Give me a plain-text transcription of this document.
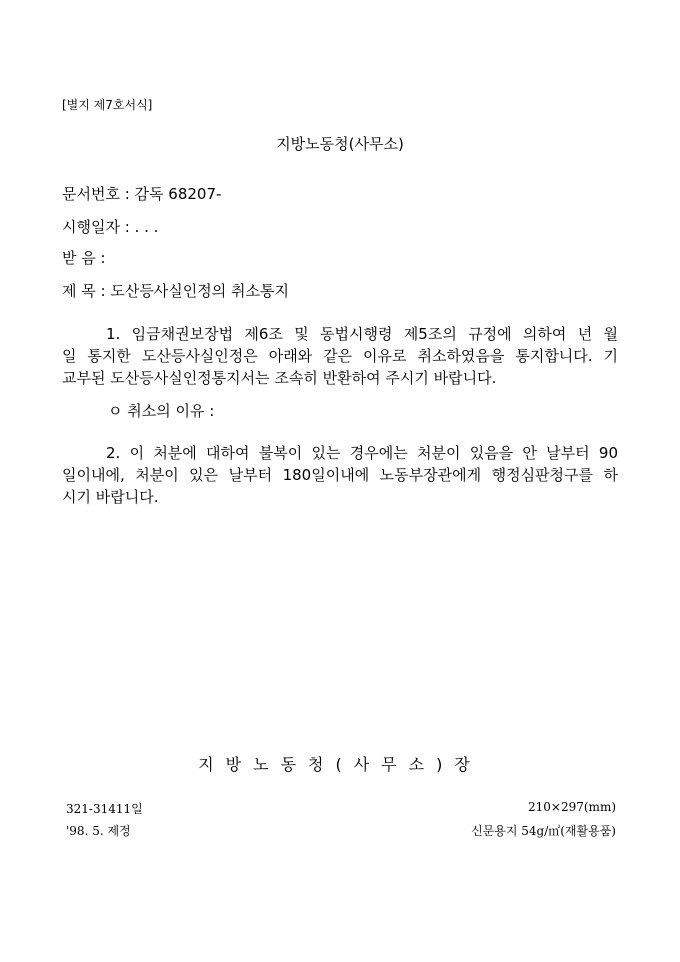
[별지 제7호서식]
지방노동청(사무소)
문서번호 : 감독 68207-
시행일자 : . . .
받 음 :
제 목 : 도산등사실인정의 취소통지
1. 임금채권보장법 제6조 및 동법시행령 제5조의 규정에 의하여 년 월
일 통지한 도산등사실인정은 아래와 같은 이유로 취소하였음을 통지합니다. 기
교부된 도산등사실인정통지서는 조속히 반환하여 주시기 바랍니다.
ㅇ 취소의 이유 :
2. 이 처분에 대하여 불복이 있는 경우에는 처분이 있음을 안 날부터 90
일이내에, 처분이 있은 날부터 180일이내에 노동부장관에게 행정심판청구를 하
시기 바랍니다.
지방노동청(사무소)장
321-31411일	210×297(mm)
'98. 5. 제정	신문용지 54g/㎡(재활용품)
